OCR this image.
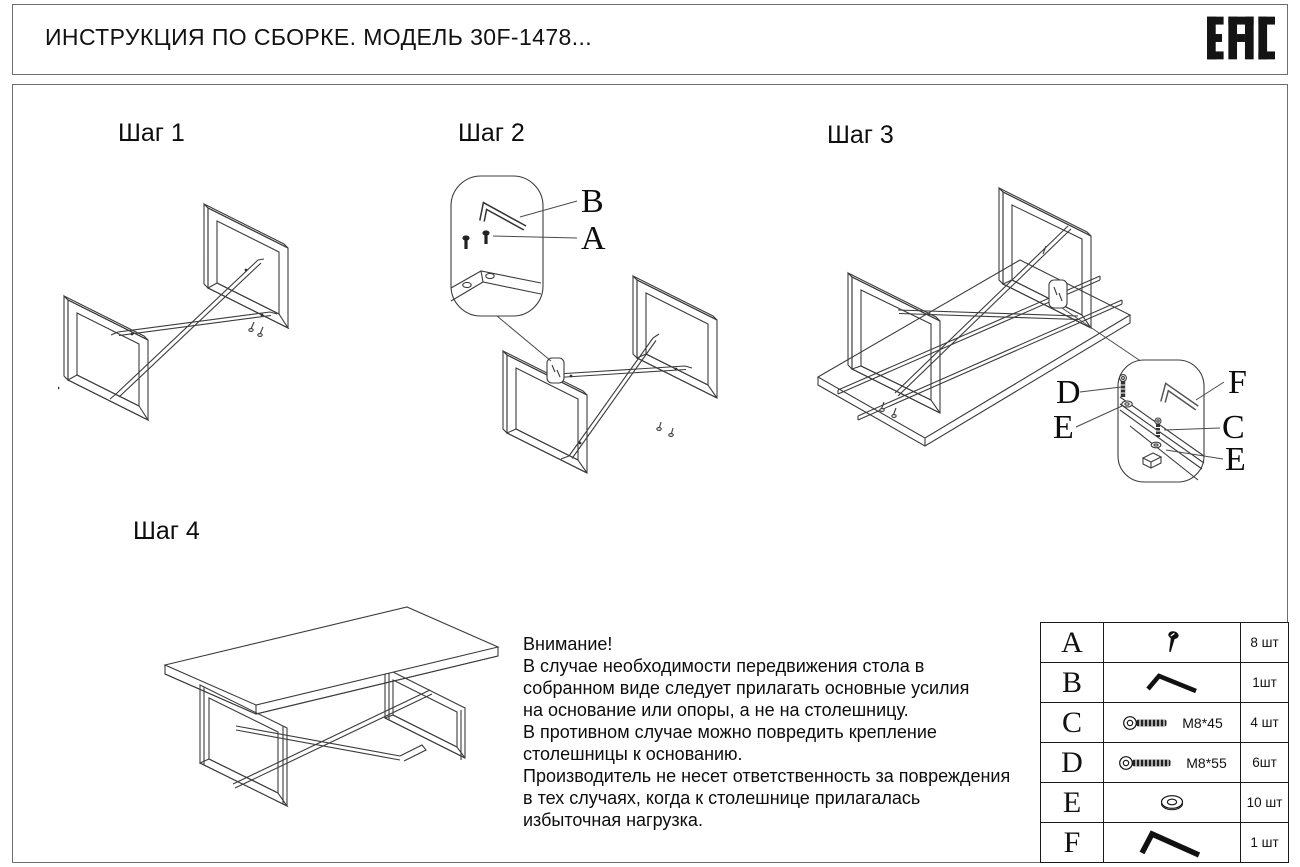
ИНСТРУКЦИЯ ПО СБОРКЕ. МОДЕЛЬ 30F-1478...
Шаг 1	Шаг 2	Шаг 3
Шаг 4
B
A
D
E
F
C
E
Внимание!
В случае необходимости передвижения стола в
собранном виде следует прилагать основные усилия
на основание или опоры, а не на столешницу.
В противном случае можно повредить крепление
столешницы к основанию.
Производитель не несет ответственность за повреждения
в тех случаях, когда к столешнице прилагалась
избыточная нагрузка.
A		8 шт
B		1шт
C	M8*45	4 шт
D	M8*55	6шт
E		10 шт
F		1 шт
